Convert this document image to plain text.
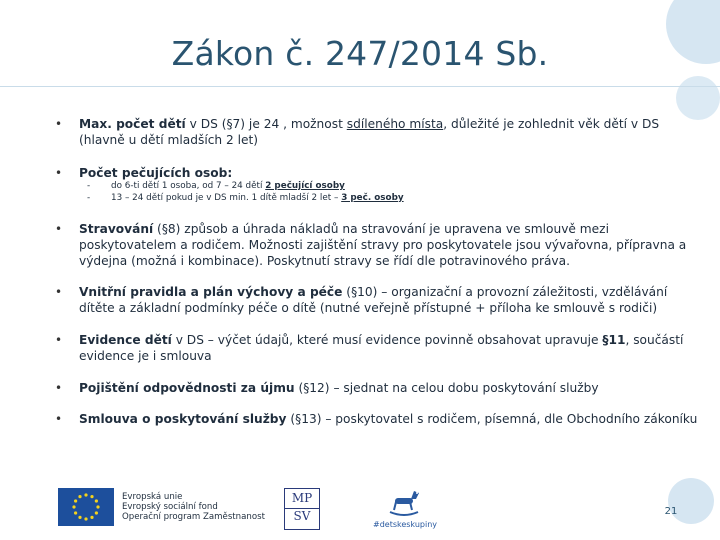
Zákon č. 247/2014 Sb.
• Max. počet dětí v DS (§7) je 24 , možnost sdíleného místa, důležité je zohlednit věk dětí v DS (hlavně u dětí mladších 2 let)
• Počet pečujících osob:
• Stravování (§8) způsob a úhrada nákladů na stravování je upravena ve smlouvě mezi poskytovatelem a rodičem. Možnosti zajištění stravy pro poskytovatele jsou vývařovna, přípravna a výdejna (možná i kombinace). Poskytnutí stravy se řídí dle potravinového práva.
• Vnitřní pravidla a plán výchovy a péče (§10) – organizační a provozní záležitosti, vzdělávání dítěte a základní podmínky péče o dítě (nutné veřejně přístupné + příloha ke smlouvě s rodiči)
• Evidence dětí v DS – výčet údajů, které musí evidence povinně obsahovat upravuje §11, součástí evidence je i smlouva
• Pojištění odpovědnosti za újmu (§12) – sjednat na celou dobu poskytování služby
• Smlouva o poskytování služby (§13) – poskytovatel s rodičem, písemná, dle Obchodního zákoníku
- do 6-ti dětí 1 osoba, od 7 – 24 dětí 2 pečující osoby
- 13 – 24 dětí pokud je v DS min. 1 dítě mladší 2 let – 3 peč. osoby
Evropská unie
Evropský sociální fond
Operační program Zaměstnanost
MP
SV
#detskeskupiny
21
